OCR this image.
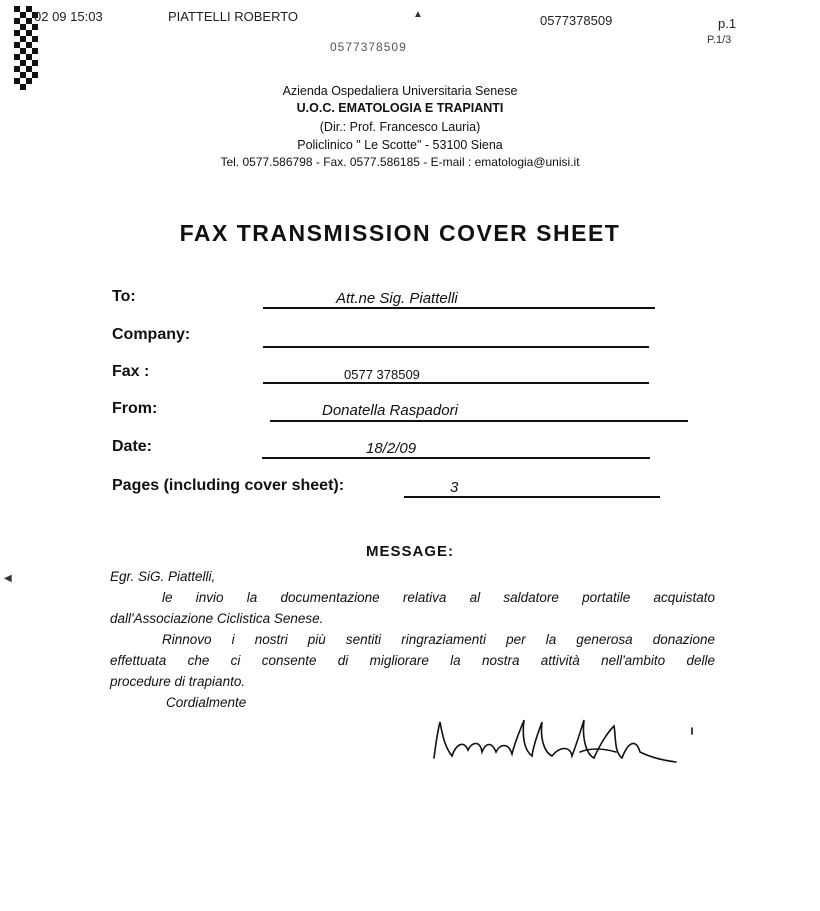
02 09 15:03	PIATTELLI ROBERTO	▲	0577378509	p.1
P.1/3
0577378509
Azienda Ospedaliera Universitaria Senese
U.O.C. EMATOLOGIA E TRAPIANTI
(Dir.: Prof. Francesco Lauria)
Policlinico " Le Scotte" - 53100 Siena
Tel. 0577.586798 - Fax. 0577.586185 - E-mail : ematologia@unisi.it
FAX TRANSMISSION COVER SHEET
To:	Att.ne Sig. Piattelli
Company:
Fax :	0577 378509
From:	Donatella Raspadori
Date:	18/2/09
Pages (including cover sheet):	3
MESSAGE:
◀	Egr. SiG. Piattelli,

le invio la documentazione relativa al saldatore portatile acquistato

dall'Associazione Ciclistica Senese.

Rinnovo i nostri più sentiti ringraziamenti per la generosa donazione

effettuata che ci consente di migliorare la nostra attività nell'ambito delle

procedure di trapianto.

Cordialmente
